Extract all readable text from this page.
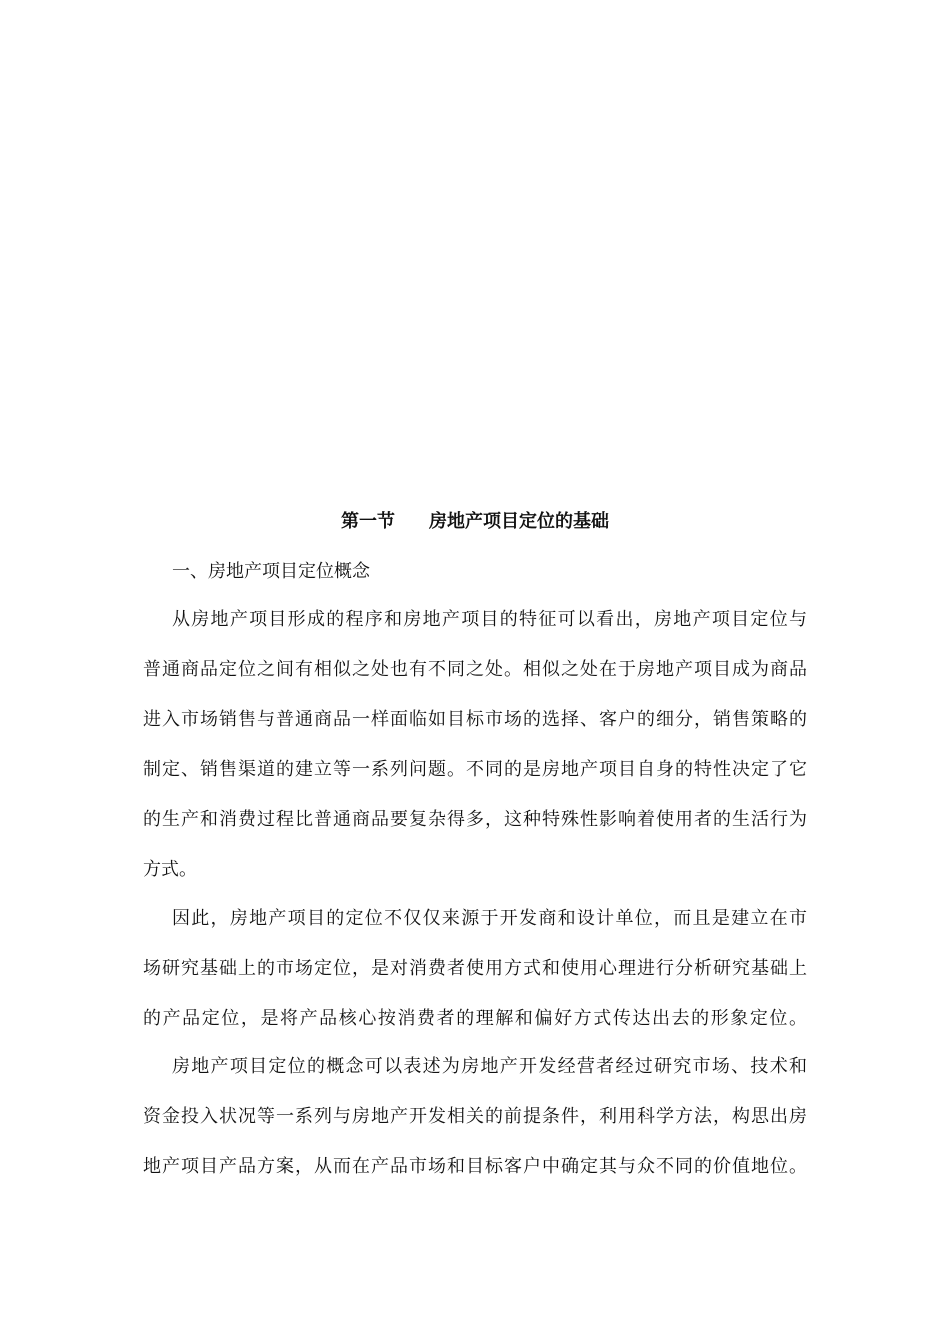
第一节 房地产项目定位的基础
一、房地产项目定位概念
从房地产项目形成的程序和房地产项目的特征可以看出，房地产项目定位与
普通商品定位之间有相似之处也有不同之处。相似之处在于房地产项目成为商品
进入市场销售与普通商品一样面临如目标市场的选择、客户的细分，销售策略的
制定、销售渠道的建立等一系列问题。不同的是房地产项目自身的特性决定了它
的生产和消费过程比普通商品要复杂得多，这种特殊性影响着使用者的生活行为
方式。
因此，房地产项目的定位不仅仅来源于开发商和设计单位，而且是建立在市
场研究基础上的市场定位，是对消费者使用方式和使用心理进行分析研究基础上
的产品定位，是将产品核心按消费者的理解和偏好方式传达出去的形象定位。
房地产项目定位的概念可以表述为房地产开发经营者经过研究市场、技术和
资金投入状况等一系列与房地产开发相关的前提条件，利用科学方法，构思出房
地产项目产品方案，从而在产品市场和目标客户中确定其与众不同的价值地位。
